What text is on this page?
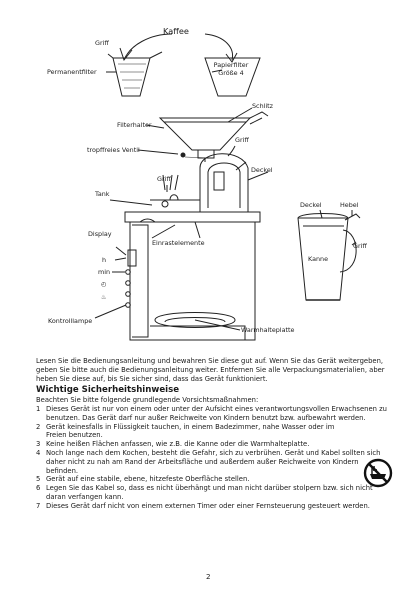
Kaffee
Griff
Permanentfilter
Papierfilter
Größe 4
Schlitz
Filterhalter
Griff
tropffreies Ventil
Deckel
Griff
Tank
Deckel	Hebel
Display
h
min
Einrastelemente
Kanne
Griff
Kontrolllampe
Warmhalteplatte
◴
♨

Lesen Sie die Bedienungsanleitung und bewahren Sie diese gut auf. Wenn Sie das Gerät weitergeben, geben Sie bitte auch die Bedienungsanleitung weiter. Entfernen Sie alle Verpackungsmaterialien, aber heben Sie diese auf, bis Sie sicher sind, dass das Gerät funktioniert.

Wichtige Sicherheitshinweise
Beachten Sie bitte folgende grundlegende Vorsichtsmaßnahmen:
1 Dieses Gerät ist nur von einem oder unter der Aufsicht eines verantwortungsvollen Erwachsenen zu benutzen. Das Gerät darf nur außer Reichweite von Kindern benutzt bzw. aufbewahrt werden.
2 Gerät keinesfalls in Flüssigkeit tauchen, in einem Badezimmer, nahe Wasser oder im Freien benutzen.
3 Keine heißen Flächen anfassen, wie z.B. die Kanne oder die Warmhalteplatte.
4 Noch lange nach dem Kochen, besteht die Gefahr, sich zu verbrühen. Gerät und Kabel sollten sich daher nicht zu nah am Rand der Arbeitsfläche und außerdem außer Reichweite von Kindern befinden.
5 Gerät auf eine stabile, ebene, hitzefeste Oberfläche stellen.
6 Legen Sie das Kabel so, dass es nicht überhängt und man nicht darüber stolpern bzw. sich nicht daran verfangen kann.
7 Dieses Gerät darf nicht von einem externen Timer oder einer Fernsteuerung gesteuert werden.
2
